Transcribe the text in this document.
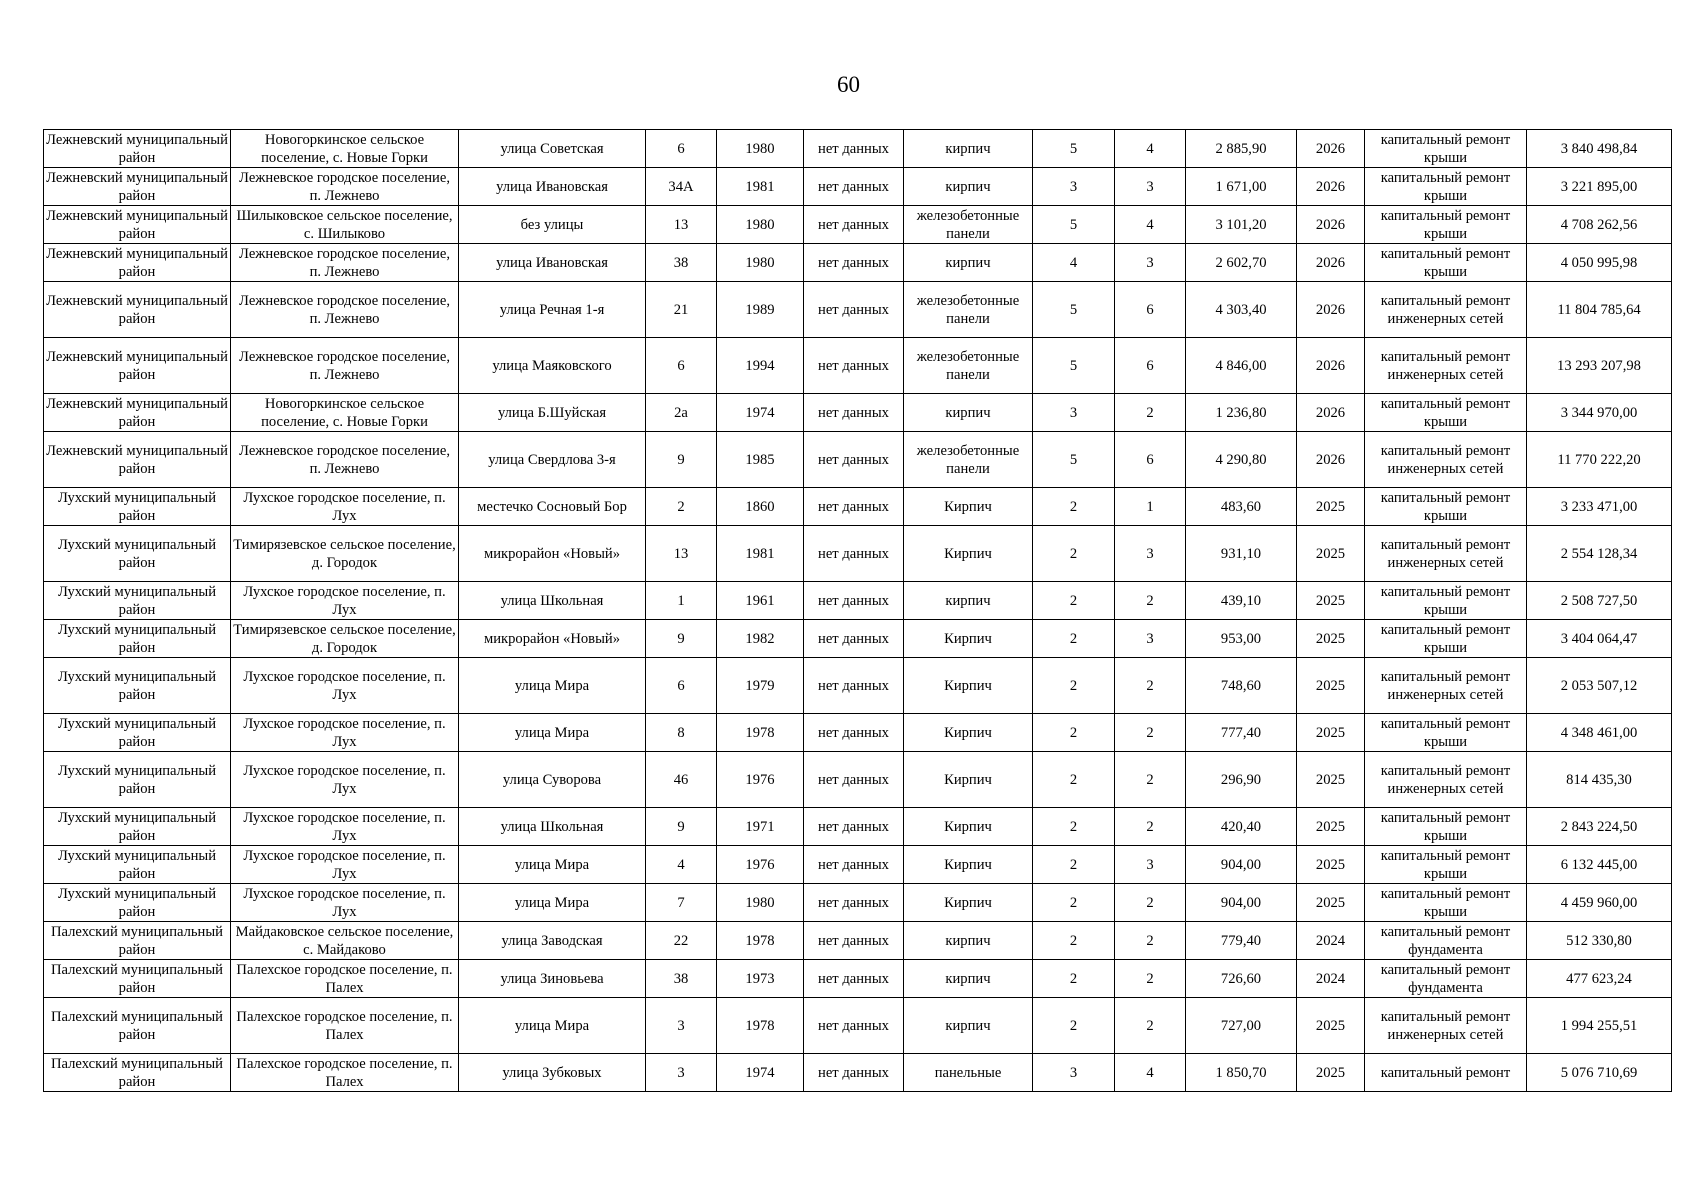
60
Лежневский муниципальный район	Новогоркинское сельское поселение, с. Новые Горки	улица Советская	6	1980	нет данных	кирпич	5	4	2 885,90	2026	капитальный ремонт крыши	3 840 498,84
Лежневский муниципальный район	Лежневское городское поселение, п. Лежнево	улица Ивановская	34А	1981	нет данных	кирпич	3	3	1 671,00	2026	капитальный ремонт крыши	3 221 895,00
Лежневский муниципальный район	Шилыковское сельское поселение, с. Шилыково	без улицы	13	1980	нет данных	железобетонные панели	5	4	3 101,20	2026	капитальный ремонт крыши	4 708 262,56
Лежневский муниципальный район	Лежневское городское поселение, п. Лежнево	улица Ивановская	38	1980	нет данных	кирпич	4	3	2 602,70	2026	капитальный ремонт крыши	4 050 995,98
Лежневский муниципальный район	Лежневское городское поселение, п. Лежнево	улица Речная 1-я	21	1989	нет данных	железобетонные панели	5	6	4 303,40	2026	капитальный ремонт инженерных сетей	11 804 785,64
Лежневский муниципальный район	Лежневское городское поселение, п. Лежнево	улица Маяковского	6	1994	нет данных	железобетонные панели	5	6	4 846,00	2026	капитальный ремонт инженерных сетей	13 293 207,98
Лежневский муниципальный район	Новогоркинское сельское поселение, с. Новые Горки	улица Б.Шуйская	2а	1974	нет данных	кирпич	3	2	1 236,80	2026	капитальный ремонт крыши	3 344 970,00
Лежневский муниципальный район	Лежневское городское поселение, п. Лежнево	улица Свердлова 3-я	9	1985	нет данных	железобетонные панели	5	6	4 290,80	2026	капитальный ремонт инженерных сетей	11 770 222,20
Лухский муниципальный район	Лухское городское поселение, п. Лух	местечко Сосновый Бор	2	1860	нет данных	Кирпич	2	1	483,60	2025	капитальный ремонт крыши	3 233 471,00
Лухский муниципальный район	Тимирязевское сельское поселение, д. Городок	микрорайон «Новый»	13	1981	нет данных	Кирпич	2	3	931,10	2025	капитальный ремонт инженерных сетей	2 554 128,34
Лухский муниципальный район	Лухское городское поселение, п. Лух	улица Школьная	1	1961	нет данных	кирпич	2	2	439,10	2025	капитальный ремонт крыши	2 508 727,50
Лухский муниципальный район	Тимирязевское сельское поселение, д. Городок	микрорайон «Новый»	9	1982	нет данных	Кирпич	2	3	953,00	2025	капитальный ремонт крыши	3 404 064,47
Лухский муниципальный район	Лухское городское поселение, п. Лух	улица Мира	6	1979	нет данных	Кирпич	2	2	748,60	2025	капитальный ремонт инженерных сетей	2 053 507,12
Лухский муниципальный район	Лухское городское поселение, п. Лух	улица Мира	8	1978	нет данных	Кирпич	2	2	777,40	2025	капитальный ремонт крыши	4 348 461,00
Лухский муниципальный район	Лухское городское поселение, п. Лух	улица Суворова	46	1976	нет данных	Кирпич	2	2	296,90	2025	капитальный ремонт инженерных сетей	814 435,30
Лухский муниципальный район	Лухское городское поселение, п. Лух	улица Школьная	9	1971	нет данных	Кирпич	2	2	420,40	2025	капитальный ремонт крыши	2 843 224,50
Лухский муниципальный район	Лухское городское поселение, п. Лух	улица Мира	4	1976	нет данных	Кирпич	2	3	904,00	2025	капитальный ремонт крыши	6 132 445,00
Лухский муниципальный район	Лухское городское поселение, п. Лух	улица Мира	7	1980	нет данных	Кирпич	2	2	904,00	2025	капитальный ремонт крыши	4 459 960,00
Палехский муниципальный район	Майдаковское сельское поселение, с. Майдаково	улица Заводская	22	1978	нет данных	кирпич	2	2	779,40	2024	капитальный ремонт фундамента	512 330,80
Палехский муниципальный район	Палехское городское поселение, п. Палех	улица Зиновьева	38	1973	нет данных	кирпич	2	2	726,60	2024	капитальный ремонт фундамента	477 623,24
Палехский муниципальный район	Палехское городское поселение, п. Палех	улица Мира	3	1978	нет данных	кирпич	2	2	727,00	2025	капитальный ремонт инженерных сетей	1 994 255,51
Палехский муниципальный район	Палехское городское поселение, п. Палех	улица Зубковых	3	1974	нет данных	панельные	3	4	1 850,70	2025	капитальный ремонт	5 076 710,69
